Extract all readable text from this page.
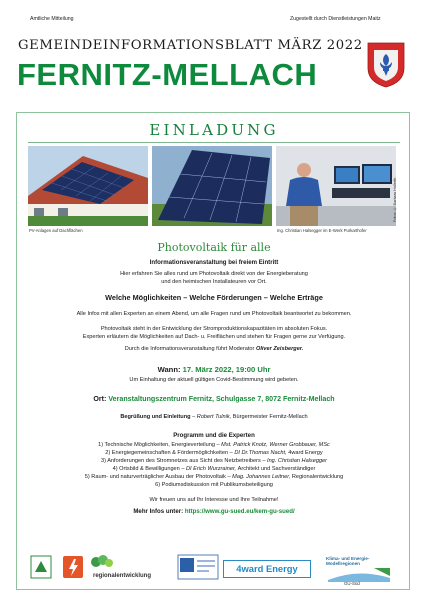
Amtliche Mitteilung	Zugestellt durch Dienstleistungen Maitz
GEMEINDEINFORMATIONSBLATT MÄRZ 2022
FERNITZ-MELLACH
EINLADUNG
PV-Anlagen auf Dachflächen	Ing. Christian Halsegger im E-Werk Purkarthofer
Fotos: © Barbara Hollerth
Photovoltaik für alle
Informationsveranstaltung bei freiem Eintritt
Hier erfahren Sie alles rund um Photovoltaik direkt von der Energieberatung
und den heimischen Installateuren vor Ort.
Welche Möglichkeiten – Welche Förderungen – Welche Erträge
Alle Infos mit allen Experten an einem Abend, um alle Fragen rund um Photovoltaik beantwortet zu bekommen.
Photovoltaik steht in der Entwicklung der Stromproduktionskapazitäten im absoluten Fokus.
Experten erläutern die Möglichkeiten auf Dach- u. Freiflächen und stehen für Fragen gerne zur Verfügung.
Durch die Informationsveranstaltung führt Moderator Oliver Zeisberger.
Wann: 17. März 2022, 19:00 Uhr
Um Einhaltung der aktuell gültigen Covid-Bestimmung wird gebeten.
Ort: Veranstaltungszentrum Fernitz, Schulgasse 7, 8072 Fernitz-Mellach
Begrüßung und Einleitung – Robert Tulnik, Bürgermeister Fernitz-Mellach
Programm und die Experten
1) Technische Möglichkeiten, Energieverteilung – Mst. Patrick Knotz, Werner Grobbauer, MSc
2) Energiegemeinschaften & Fördermöglichkeiten – DI Dr.Thomas Nacht, 4ward Energy
3) Anforderungen des Stromnetzes aus Sicht des Netzbetreibers – Ing. Christian Halsegger
4) Ortsbild & Bewilligungen – DI Erich Wurzrainer, Architekt und Sachverständiger
5) Raum- und naturverträglicher Ausbau der Photovoltaik – Mag. Johannes Leitner, Regionalentwicklung
6) Podiumsdiskussion mit Publikumsbeteiligung
Wir freuen uns auf Ihr Interesse und Ihre Teilnahme!
Mehr Infos unter: https://www.gu-sued.eu/kem-gu-sued/
regionalentwicklung
4ward Energy
Klima- und Energie-
Modellregionen
GU-Süd
